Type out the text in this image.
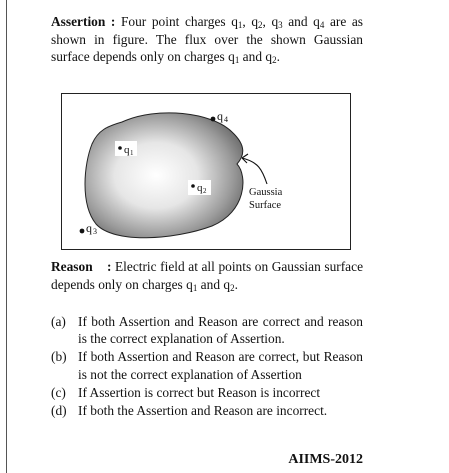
Assertion : Four point charges $q_1$, $q_2$, $q_3$ and $q_4$ are as shown in figure. The flux over the shown Gaussian surface depends only on charges $q_1$ and $q_2$.
q 1
q 2
q 4
q 3
Gaussia
Surface
Reason : Electric field at all points on Gaussian surface depends only on charges $q_1$ and $q_2$.
(a) If both Assertion and Reason are correct and reason is the correct explanation of Assertion.
(b) If both Assertion and Reason are correct, but Reason is not the correct explanation of Assertion
(c) If Assertion is correct but Reason is incorrect
(d) If both the Assertion and Reason are incorrect.
AIIMS-2012
